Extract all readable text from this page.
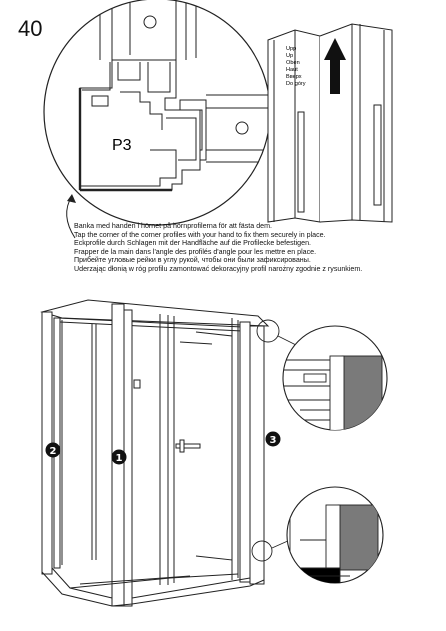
40
P3
2
1
3
Upp
Up
Oben
Haut
Вверх
Do góry
Banka med handen i hörnet på hörnprofilerna för att fästa dem.
Tap the corner of the corner profiles with your hand to fix them securely in place.
Eckprofile durch Schlagen mit der Handfläche auf die Profilecke befestigen.
Frapper de la main dans l'angle des profilés d'angle pour les mettre en place.
Прибейте угловые рейки в углу рукой, чтобы они были зафиксированы.
Uderzając dłonią w róg profilu zamontować dekoracyjny profil narożny zgodnie z rysunkiem.
